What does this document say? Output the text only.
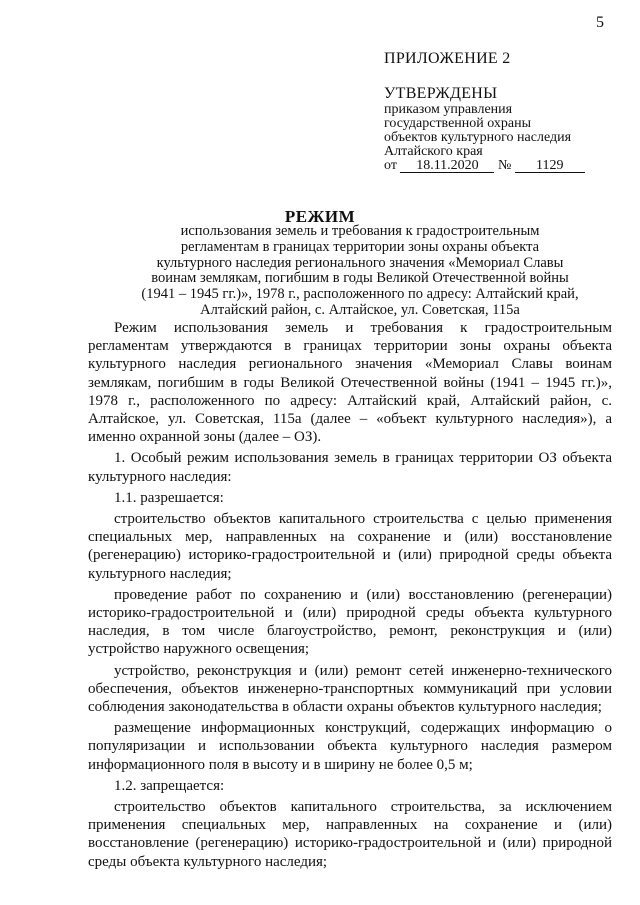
5
ПРИЛОЖЕНИЕ 2
УТВЕРЖДЕНЫ
приказом управления
государственной охраны
объектов культурного наследия
Алтайского края
от 18.11.2020 № 1129
РЕЖИМ
использования земель и требования к градостроительным
регламентам в границах территории зоны охраны объекта
культурного наследия регионального значения «Мемориал Славы
воинам землякам, погибшим в годы Великой Отечественной войны
(1941 – 1945 гг.)», 1978 г., расположенного по адресу: Алтайский край,
Алтайский район, с. Алтайское, ул. Советская, 115а

Режим использования земель и требования к градостроительным регламентам утверждаются в границах территории зоны охраны объекта культурного наследия регионального значения «Мемориал Славы воинам землякам, погибшим в годы Великой Отечественной войны (1941 – 1945 гг.)», 1978 г., расположенного по адресу: Алтайский край, Алтайский район, с. Алтайское, ул. Советская, 115а (далее – «объект культурного наследия»), а именно охранной зоны (далее – ОЗ).

1. Особый режим использования земель в границах территории ОЗ объекта культурного наследия:

1.1. разрешается:

строительство объектов капитального строительства с целью применения специальных мер, направленных на сохранение и (или) восстановление (регенерацию) историко-градостроительной и (или) природной среды объекта культурного наследия;

проведение работ по сохранению и (или) восстановлению (регенерации) историко-градостроительной и (или) природной среды объекта культурного наследия, в том числе благоустройство, ремонт, реконструкция и (или) устройство наружного освещения;

устройство, реконструкция и (или) ремонт сетей инженерно-технического обеспечения, объектов инженерно-транспортных коммуникаций при условии соблюдения законодательства в области охраны объектов культурного наследия;

размещение информационных конструкций, содержащих информацию о популяризации и использовании объекта культурного наследия размером информационного поля в высоту и в ширину не более 0,5 м;

1.2. запрещается:

строительство объектов капитального строительства, за исключением применения специальных мер, направленных на сохранение и (или) восстановление (регенерацию) историко-градостроительной и (или) природной среды объекта культурного наследия;
